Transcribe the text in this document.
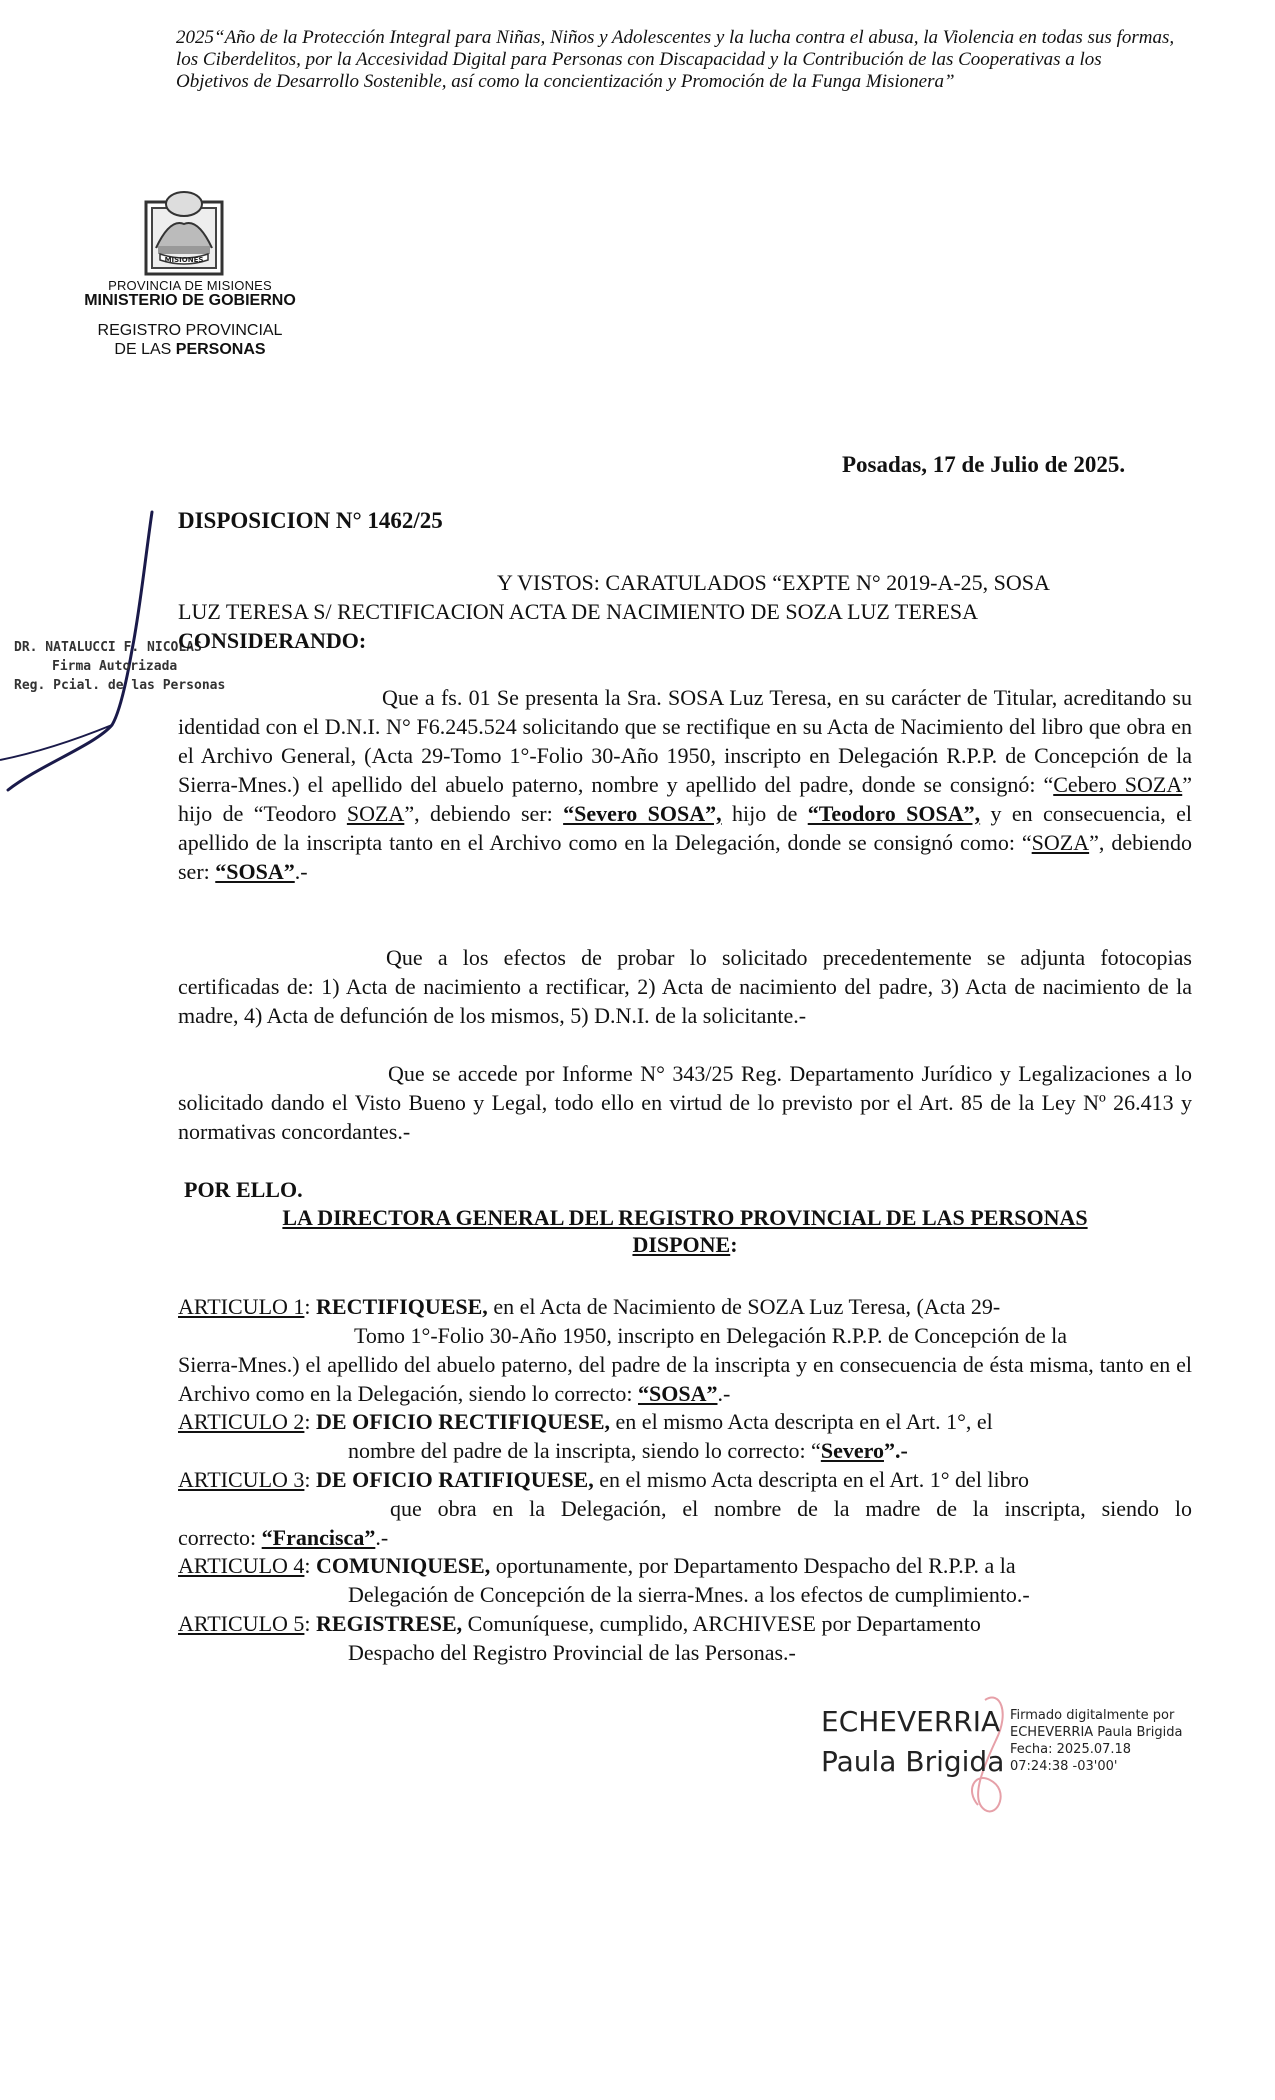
2025“Año de la Protección Integral para Niñas, Niños y Adolescentes y la lucha contra el abusa, la Violencia en todas sus formas, los Ciberdelitos, por la Accesividad Digital para Personas con Discapacidad y la Contribución de las Cooperativas a los Objetivos de Desarrollo Sostenible, así como la concientización y Promoción de la Funga Misionera”
MISIONES
PROVINCIA DE MISIONES
MINISTERIO DE GOBIERNO
REGISTRO PROVINCIAL
DE LAS PERSONAS
Posadas, 17 de Julio de 2025.
DISPOSICION N° 1462/25
DR. NATALUCCI F. NICOLAS
Firma Autorizada
Reg. Pcial. de las Personas
Y VISTOS: CARATULADOS “EXPTE N° 2019-A-25, SOSA
LUZ TERESA S/ RECTIFICACION ACTA DE NACIMIENTO DE SOZA LUZ TERESA
CONSIDERANDO:
Que a fs. 01 Se presenta la Sra. SOSA Luz Teresa, en su carácter de Titular, acreditando su identidad con el D.N.I. N° F6.245.524 solicitando que se rectifique en su Acta de Nacimiento del libro que obra en el Archivo General, (Acta 29-Tomo 1°-Folio 30-Año 1950, inscripto en Delegación R.P.P. de Concepción de la Sierra-Mnes.) el apellido del abuelo paterno, nombre y apellido del padre, donde se consignó: “Cebero SOZA” hijo de “Teodoro SOZA”, debiendo ser: “Severo SOSA”, hijo de “Teodoro SOSA”, y en consecuencia, el apellido de la inscripta tanto en el Archivo como en la Delegación, donde se consignó como: “SOZA”, debiendo ser: “SOSA”.-
Que a los efectos de probar lo solicitado precedentemente se adjunta fotocopias certificadas de: 1) Acta de nacimiento a rectificar, 2) Acta de nacimiento del padre, 3) Acta de nacimiento de la madre, 4) Acta de defunción de los mismos, 5) D.N.I. de la solicitante.-
Que se accede por Informe N° 343/25 Reg. Departamento Jurídico y Legalizaciones a lo solicitado dando el Visto Bueno y Legal, todo ello en virtud de lo previsto por el Art. 85 de la Ley Nº 26.413 y normativas concordantes.-
POR ELLO.
LA DIRECTORA GENERAL DEL REGISTRO PROVINCIAL DE LAS PERSONAS
DISPONE:
ARTICULO 1: RECTIFIQUESE, en el Acta de Nacimiento de SOZA Luz Teresa, (Acta 29-
Tomo 1°-Folio 30-Año 1950, inscripto en Delegación R.P.P. de Concepción de la
Sierra-Mnes.) el apellido del abuelo paterno, del padre de la inscripta y en consecuencia de ésta misma, tanto en el Archivo como en la Delegación, siendo lo correcto: “SOSA”.-
ARTICULO 2: DE OFICIO RECTIFIQUESE, en el mismo Acta descripta en el Art. 1°, el
nombre del padre de la inscripta, siendo lo correcto: “Severo”.-
ARTICULO 3: DE OFICIO RATIFIQUESE, en el mismo Acta descripta en el Art. 1° del libro
que obra en la Delegación, el nombre de la madre de la inscripta, siendo lo
correcto: “Francisca”.-
ARTICULO 4: COMUNIQUESE, oportunamente, por Departamento Despacho del R.P.P. a la
Delegación de Concepción de la sierra-Mnes. a los efectos de cumplimiento.-
ARTICULO 5: REGISTRESE, Comuníquese, cumplido, ARCHIVESE por Departamento
Despacho del Registro Provincial de las Personas.-
ECHEVERRIA
Paula Brigida
Firmado digitalmente por
ECHEVERRIA Paula Brigida
Fecha: 2025.07.18
07:24:38 -03'00'
